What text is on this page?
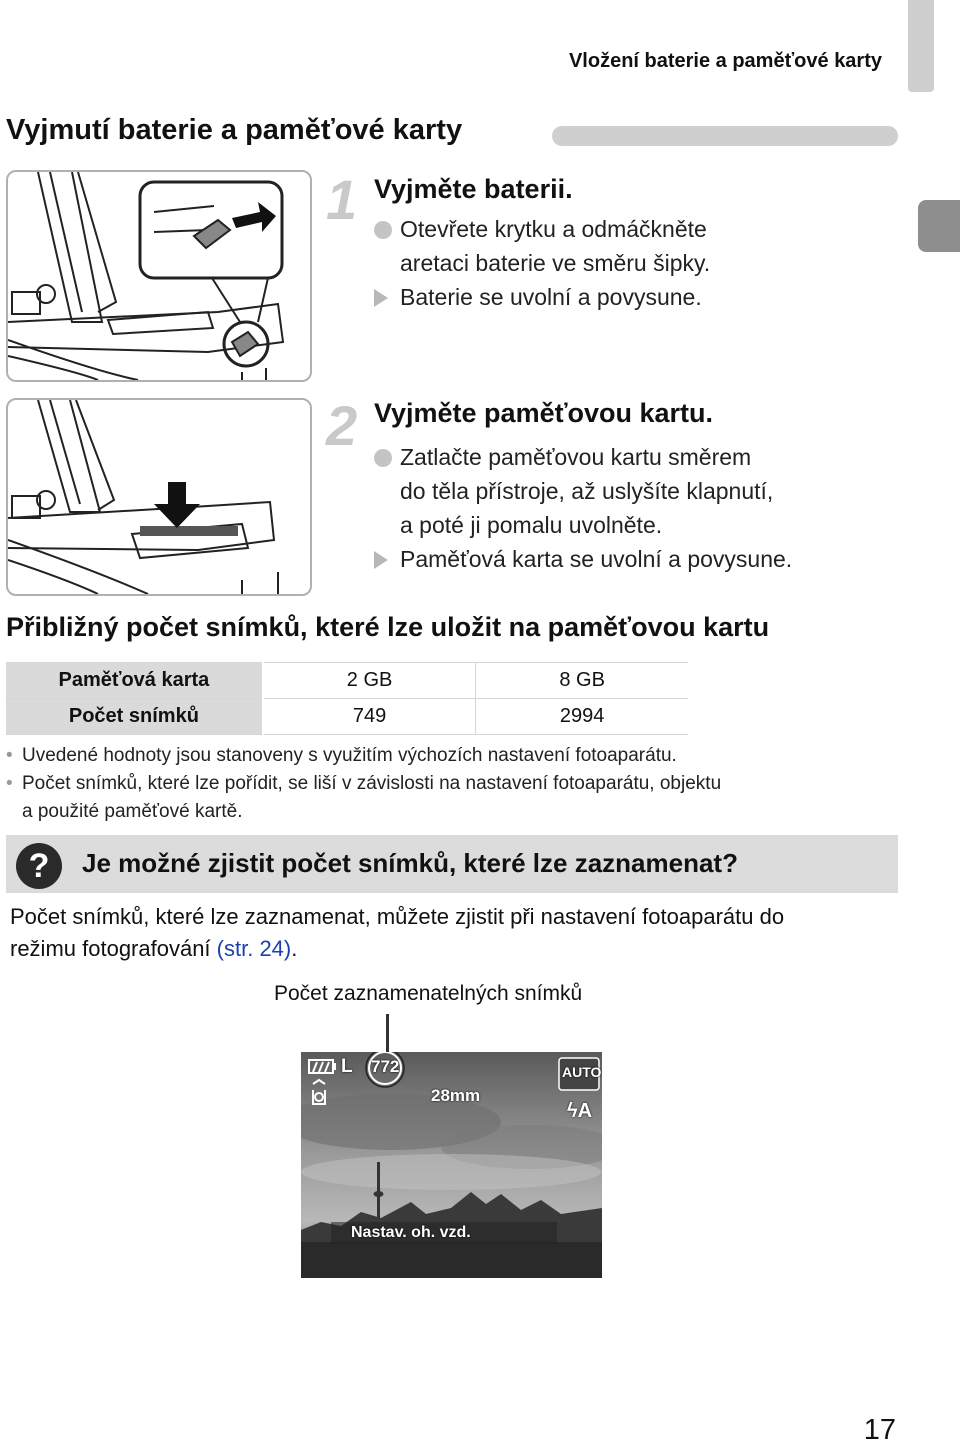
Vložení baterie a paměťové karty
Vyjmutí baterie a paměťové karty
1 Vyjměte baterii.
Otevřete krytku a odmáčkněte
aretaci baterie ve směru šipky.
Baterie se uvolní a povysune.
2 Vyjměte paměťovou kartu.
Zatlačte paměťovou kartu směrem
do těla přístroje, až uslyšíte klapnutí,
a poté ji pomalu uvolněte.
Paměťová karta se uvolní a povysune.
Přibližný počet snímků, které lze uložit na paměťovou kartu
Paměťová karta	2 GB	8 GB
Počet snímků	749	2994
• Uvedené hodnoty jsou stanoveny s využitím výchozích nastavení fotoaparátu.
• Počet snímků, které lze pořídit, se liší v závislosti na nastavení fotoaparátu, objektu
a použité paměťové kartě.
?	Je možné zjistit počet snímků, které lze zaznamenat?
Počet snímků, které lze zaznamenat, můžete zjistit při nastavení fotoaparátu do
režimu fotografování (str. 24).
Počet zaznamenatelných snímků
L 772	AUTO
28mm
ϟA
Nastav. oh. vzd.
17
